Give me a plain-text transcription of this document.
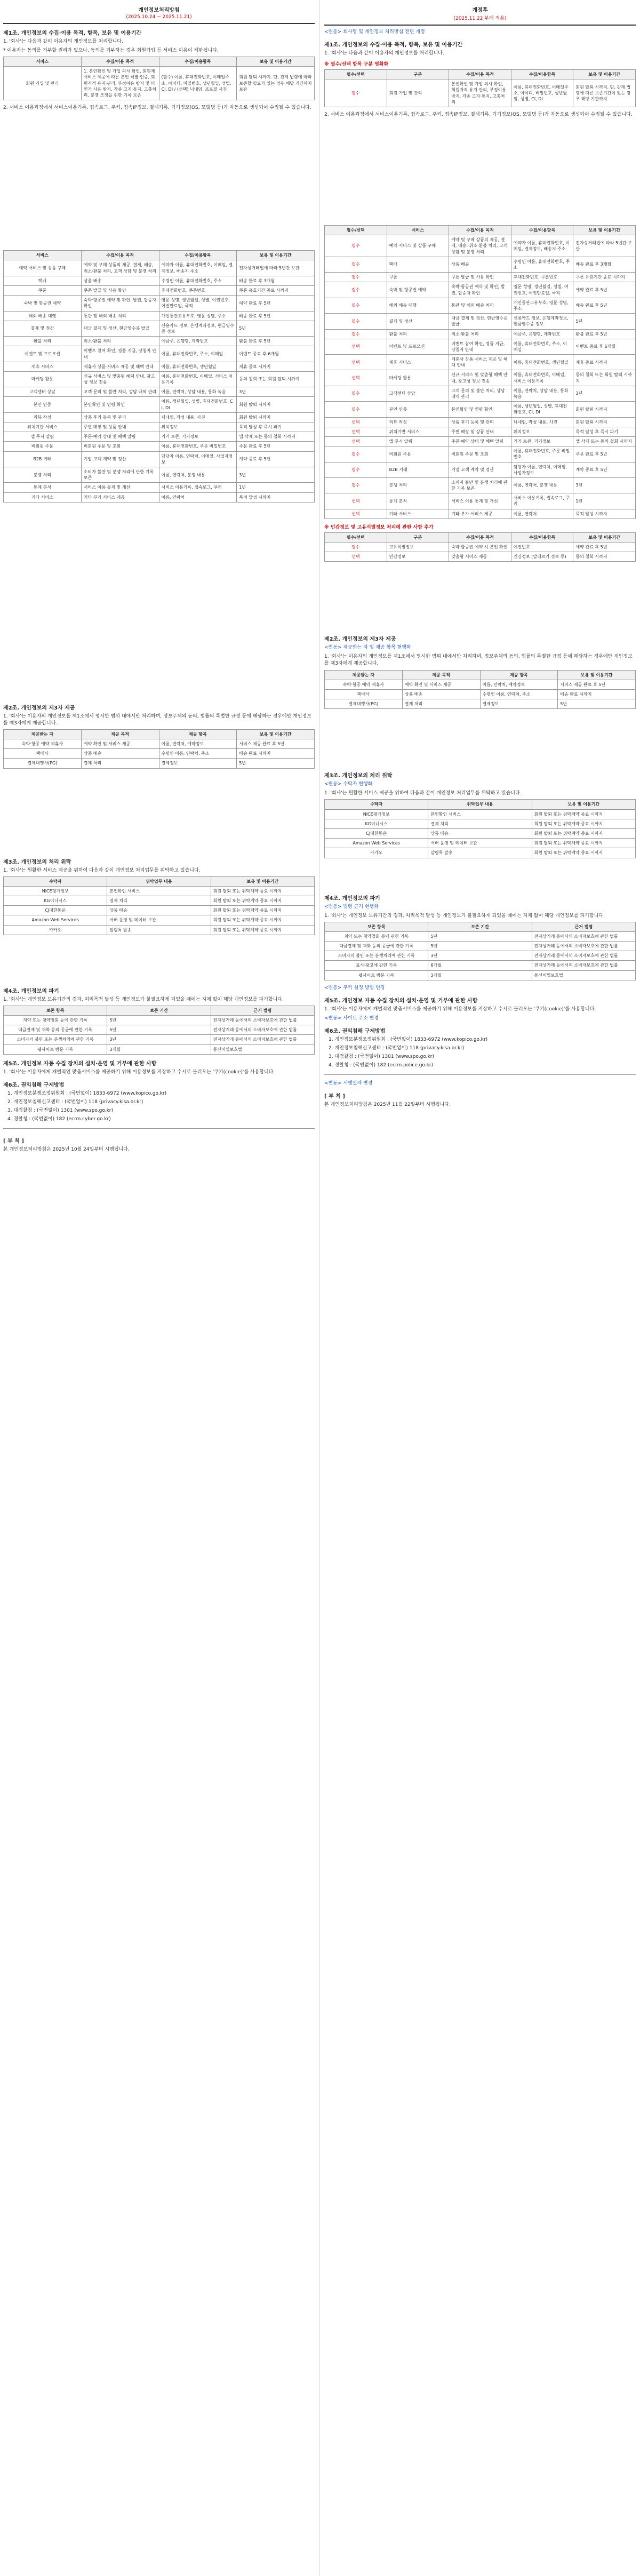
개인정보처리방침
(2025.10.24 ~ 2025.11.21)
제1조. 개인정보의 수집·이용 목적, 항목, 보유 및 이용기간
1. '회사'는 다음과 같이 이용자의 개인정보를 처리합니다.
* 이용자는 동의를 거부할 권리가 있으나, 동의를 거부하는 경우 회원가입 등 서비스 이용이 제한됩니다.
서비스	수집/이용 목적	수집/이용항목	보유 및 이용기간
회원 가입 및 관리	1. 본인확인 및 가입 의사 확인, 회원제 서비스 제공에 따른 본인 식별·인증, 회원자격 유지·관리, 부정이용 방지 및 비인가 사용 방지, 각종 고지·통지, 고충처리, 분쟁 조정을 위한 기록 보존	(필수) 이름, 휴대전화번호, 이메일주소, 아이디, 비밀번호, 생년월일, 성별, CI, DI / (선택) 닉네임, 프로필 사진	회원 탈퇴 시까지. 단, 관계 법령에 따라 보존할 필요가 있는 경우 해당 기간까지 보관
2. 서비스 이용과정에서 서비스이용기록, 접속로그, 쿠키, 접속IP정보, 결제기록, 기기정보(OS, 모델명 등)가 자동으로 생성되어 수집될 수 있습니다.
서비스	수집/이용 목적	수집/이용항목	보유 및 이용기간
예약 서비스 및 상품 구매	예약 및 구매 상품의 제공, 결제, 배송, 취소·환불 처리, 고객 상담 및 분쟁 처리	예약자 이름, 휴대전화번호, 이메일, 결제정보, 배송지 주소	전자상거래법에 따라 5년간 보관
택배	상품 배송	수령인 이름, 휴대전화번호, 주소	배송 완료 후 3개월
쿠폰	쿠폰 발급 및 사용 확인	휴대전화번호, 쿠폰번호	쿠폰 유효기간 종료 시까지
숙박 및 항공권 예약	숙박·항공권 예약 및 확인, 발권, 탑승자 확인	영문 성명, 생년월일, 성별, 여권번호, 여권만료일, 국적	예약 완료 후 5년
해외 배송 대행	통관 및 해외 배송 처리	개인통관고유부호, 영문 성명, 주소	배송 완료 후 5년
결제 및 정산	대금 결제 및 정산, 현금영수증 발급	신용카드 정보, 은행계좌정보, 현금영수증 정보	5년
환불 처리	취소·환불 처리	예금주, 은행명, 계좌번호	환불 완료 후 5년
이벤트 및 프로모션	이벤트 참여 확인, 경품 지급, 당첨자 안내	이름, 휴대전화번호, 주소, 이메일	이벤트 종료 후 6개월
제휴 서비스	제휴사 상품·서비스 제공 및 혜택 안내	이름, 휴대전화번호, 생년월일	제휴 종료 시까지
마케팅 활용	신규 서비스 및 맞춤형 혜택 안내, 광고성 정보 전송	이름, 휴대전화번호, 이메일, 서비스 이용기록	동의 철회 또는 회원 탈퇴 시까지
고객센터 상담	고객 문의 및 불만 처리, 상담 내역 관리	이름, 연락처, 상담 내용, 통화 녹음	3년
본인 인증	본인확인 및 연령 확인	이름, 생년월일, 성별, 휴대전화번호, CI, DI	회원 탈퇴 시까지
리뷰 작성	상품 후기 등록 및 관리	닉네임, 작성 내용, 사진	회원 탈퇴 시까지
위치기반 서비스	주변 매장 및 상품 안내	위치정보	목적 달성 후 즉시 파기
앱 푸시 알림	주문·예약 상태 및 혜택 알림	기기 토큰, 기기정보	앱 삭제 또는 동의 철회 시까지
비회원 주문	비회원 주문 및 조회	이름, 휴대전화번호, 주문 비밀번호	주문 완료 후 5년
B2B 거래	기업 고객 계약 및 정산	담당자 이름, 연락처, 이메일, 사업자정보	계약 종료 후 5년
분쟁 처리	소비자 불만 및 분쟁 처리에 관한 기록 보존	이름, 연락처, 분쟁 내용	3년
통계 분석	서비스 이용 통계 및 개선	서비스 이용기록, 접속로그, 쿠키	1년
기타 서비스	기타 부가 서비스 제공	이름, 연락처	목적 달성 시까지
제2조. 개인정보의 제3자 제공
1. '회사'는 이용자의 개인정보를 제1조에서 명시한 범위 내에서만 처리하며, 정보주체의 동의, 법률의 특별한 규정 등에 해당하는 경우에만 개인정보를 제3자에게 제공합니다.
제공받는 자	제공 목적	제공 항목	보유 및 이용기간
숙박·항공 예약 제휴사	예약 확인 및 서비스 제공	이름, 연락처, 예약정보	서비스 제공 완료 후 5년
택배사	상품 배송	수령인 이름, 연락처, 주소	배송 완료 시까지
결제대행사(PG)	결제 처리	결제정보	5년
제3조. 개인정보의 처리 위탁
1. '회사'는 원활한 서비스 제공을 위하여 다음과 같이 개인정보 처리업무를 위탁하고 있습니다.
수탁자	위탁업무 내용	보유 및 이용기간
NICE평가정보	본인확인 서비스	회원 탈퇴 또는 위탁계약 종료 시까지
KG이니시스	결제 처리	회원 탈퇴 또는 위탁계약 종료 시까지
CJ대한통운	상품 배송	회원 탈퇴 또는 위탁계약 종료 시까지
Amazon Web Services	서버 운영 및 데이터 보관	회원 탈퇴 또는 위탁계약 종료 시까지
카카오	알림톡 발송	회원 탈퇴 또는 위탁계약 종료 시까지
제4조. 개인정보의 파기
1. '회사'는 개인정보 보유기간의 경과, 처리목적 달성 등 개인정보가 불필요하게 되었을 때에는 지체 없이 해당 개인정보를 파기합니다.
보존 항목	보존 기간	근거 법령
계약 또는 청약철회 등에 관한 기록	5년	전자상거래 등에서의 소비자보호에 관한 법률
대금결제 및 재화 등의 공급에 관한 기록	5년	전자상거래 등에서의 소비자보호에 관한 법률
소비자의 불만 또는 분쟁처리에 관한 기록	3년	전자상거래 등에서의 소비자보호에 관한 법률
웹사이트 방문 기록	3개월	통신비밀보호법
제5조. 개인정보 자동 수집 장치의 설치·운영 및 거부에 관한 사항
1. '회사'는 이용자에게 개별적인 맞춤서비스를 제공하기 위해 이용정보를 저장하고 수시로 불러오는 '쿠키(cookie)'를 사용합니다.
제6조. 권익침해 구제방법
1. 개인정보분쟁조정위원회 : (국번없이) 1833-6972 (www.kopico.go.kr)
2. 개인정보침해신고센터 : (국번없이) 118 (privacy.kisa.or.kr)
3. 대검찰청 : (국번없이) 1301 (www.spo.go.kr)
4. 경찰청 : (국번없이) 182 (ecrm.cyber.go.kr)
[ 부 칙 ]
본 개인정보처리방침은 2025년 10월 24일부터 시행됩니다.
개정후
(2025.11.22 부터 적용)
<변동> 회사명 및 개인정보 처리방침 전면 개정
제1조. 개인정보의 수집·이용 목적, 항목, 보유 및 이용기간
1. '회사'는 다음과 같이 이용자의 개인정보를 처리합니다.
※ 필수/선택 항목 구분 명확화
필수/선택	구분	수집/이용 목적	수집/이용항목	보유 및 이용기간
필수	회원 가입 및 관리	본인확인 및 가입 의사 확인, 회원자격 유지·관리, 부정이용 방지, 각종 고지·통지, 고충처리	이름, 휴대전화번호, 이메일주소, 아이디, 비밀번호, 생년월일, 성별, CI, DI	회원 탈퇴 시까지. 단, 관계 법령에 따른 보존기간이 있는 경우 해당 기간까지
2. 서비스 이용과정에서 서비스이용기록, 접속로그, 쿠키, 접속IP정보, 결제기록, 기기정보(OS, 모델명 등)가 자동으로 생성되어 수집될 수 있습니다.
필수/선택	서비스	수집/이용 목적	수집/이용항목	보유 및 이용기간
필수	예약 서비스 및 상품 구매	예약 및 구매 상품의 제공, 결제, 배송, 취소·환불 처리, 고객 상담 및 분쟁 처리	예약자 이름, 휴대전화번호, 이메일, 결제정보, 배송지 주소	전자상거래법에 따라 5년간 보관
필수	택배	상품 배송	수령인 이름, 휴대전화번호, 주소	배송 완료 후 3개월
필수	쿠폰	쿠폰 발급 및 사용 확인	휴대전화번호, 쿠폰번호	쿠폰 유효기간 종료 시까지
필수	숙박 및 항공권 예약	숙박·항공권 예약 및 확인, 발권, 탑승자 확인	영문 성명, 생년월일, 성별, 여권번호, 여권만료일, 국적	예약 완료 후 5년
필수	해외 배송 대행	통관 및 해외 배송 처리	개인통관고유부호, 영문 성명, 주소	배송 완료 후 5년
필수	결제 및 정산	대금 결제 및 정산, 현금영수증 발급	신용카드 정보, 은행계좌정보, 현금영수증 정보	5년
필수	환불 처리	취소·환불 처리	예금주, 은행명, 계좌번호	환불 완료 후 5년
선택	이벤트 및 프로모션	이벤트 참여 확인, 경품 지급, 당첨자 안내	이름, 휴대전화번호, 주소, 이메일	이벤트 종료 후 6개월
선택	제휴 서비스	제휴사 상품·서비스 제공 및 혜택 안내	이름, 휴대전화번호, 생년월일	제휴 종료 시까지
선택	마케팅 활용	신규 서비스 및 맞춤형 혜택 안내, 광고성 정보 전송	이름, 휴대전화번호, 이메일, 서비스 이용기록	동의 철회 또는 회원 탈퇴 시까지
필수	고객센터 상담	고객 문의 및 불만 처리, 상담 내역 관리	이름, 연락처, 상담 내용, 통화 녹음	3년
필수	본인 인증	본인확인 및 연령 확인	이름, 생년월일, 성별, 휴대전화번호, CI, DI	회원 탈퇴 시까지
선택	리뷰 작성	상품 후기 등록 및 관리	닉네임, 작성 내용, 사진	회원 탈퇴 시까지
선택	위치기반 서비스	주변 매장 및 상품 안내	위치정보	목적 달성 후 즉시 파기
선택	앱 푸시 알림	주문·예약 상태 및 혜택 알림	기기 토큰, 기기정보	앱 삭제 또는 동의 철회 시까지
필수	비회원 주문	비회원 주문 및 조회	이름, 휴대전화번호, 주문 비밀번호	주문 완료 후 5년
필수	B2B 거래	기업 고객 계약 및 정산	담당자 이름, 연락처, 이메일, 사업자정보	계약 종료 후 5년
필수	분쟁 처리	소비자 불만 및 분쟁 처리에 관한 기록 보존	이름, 연락처, 분쟁 내용	3년
선택	통계 분석	서비스 이용 통계 및 개선	서비스 이용기록, 접속로그, 쿠키	1년
선택	기타 서비스	기타 부가 서비스 제공	이름, 연락처	목적 달성 시까지
※ 민감정보 및 고유식별정보 처리에 관한 사항 추가
필수/선택	구분	수집/이용 목적	수집/이용항목	보유 및 이용기간
필수	고유식별정보	숙박·항공권 예약 시 본인 확인	여권번호	예약 완료 후 5년
선택	민감정보	맞춤형 서비스 제공	건강정보 (알레르기 정보 등)	동의 철회 시까지
제2조. 개인정보의 제3자 제공
<변동> 제공받는 자 및 제공 항목 현행화
1. '회사'는 이용자의 개인정보를 제1조에서 명시한 범위 내에서만 처리하며, 정보주체의 동의, 법률의 특별한 규정 등에 해당하는 경우에만 개인정보를 제3자에게 제공합니다.
제공받는 자	제공 목적	제공 항목	보유 및 이용기간
숙박·항공 예약 제휴사	예약 확인 및 서비스 제공	이름, 연락처, 예약정보	서비스 제공 완료 후 5년
택배사	상품 배송	수령인 이름, 연락처, 주소	배송 완료 시까지
결제대행사(PG)	결제 처리	결제정보	5년
제3조. 개인정보의 처리 위탁
<변동> 수탁자 현행화
1. '회사'는 원활한 서비스 제공을 위하여 다음과 같이 개인정보 처리업무를 위탁하고 있습니다.
수탁자	위탁업무 내용	보유 및 이용기간
NICE평가정보	본인확인 서비스	회원 탈퇴 또는 위탁계약 종료 시까지
KG이니시스	결제 처리	회원 탈퇴 또는 위탁계약 종료 시까지
CJ대한통운	상품 배송	회원 탈퇴 또는 위탁계약 종료 시까지
Amazon Web Services	서버 운영 및 데이터 보관	회원 탈퇴 또는 위탁계약 종료 시까지
카카오	알림톡 발송	회원 탈퇴 또는 위탁계약 종료 시까지
제4조. 개인정보의 파기
<변동> 법령 근거 현행화
1. '회사'는 개인정보 보유기간의 경과, 처리목적 달성 등 개인정보가 불필요하게 되었을 때에는 지체 없이 해당 개인정보를 파기합니다.
보존 항목	보존 기간	근거 법령
계약 또는 청약철회 등에 관한 기록	5년	전자상거래 등에서의 소비자보호에 관한 법률
대금결제 및 재화 등의 공급에 관한 기록	5년	전자상거래 등에서의 소비자보호에 관한 법률
소비자의 불만 또는 분쟁처리에 관한 기록	3년	전자상거래 등에서의 소비자보호에 관한 법률
표시·광고에 관한 기록	6개월	전자상거래 등에서의 소비자보호에 관한 법률
웹사이트 방문 기록	3개월	통신비밀보호법
<변동> 쿠키 설정 방법 변경
제5조. 개인정보 자동 수집 장치의 설치·운영 및 거부에 관한 사항
1. '회사'는 이용자에게 개별적인 맞춤서비스를 제공하기 위해 이용정보를 저장하고 수시로 불러오는 '쿠키(cookie)'를 사용합니다.
<변동> 사이트 주소 변경
제6조. 권익침해 구제방법
1. 개인정보분쟁조정위원회 : (국번없이) 1833-6972 (www.kopico.go.kr)
2. 개인정보침해신고센터 : (국번없이) 118 (privacy.kisa.or.kr)
3. 대검찰청 : (국번없이) 1301 (www.spo.go.kr)
4. 경찰청 : (국번없이) 182 (ecrm.police.go.kr)
<변동> 시행일자 변경
[ 부 칙 ]
본 개인정보처리방침은 2025년 11월 22일부터 시행됩니다.
